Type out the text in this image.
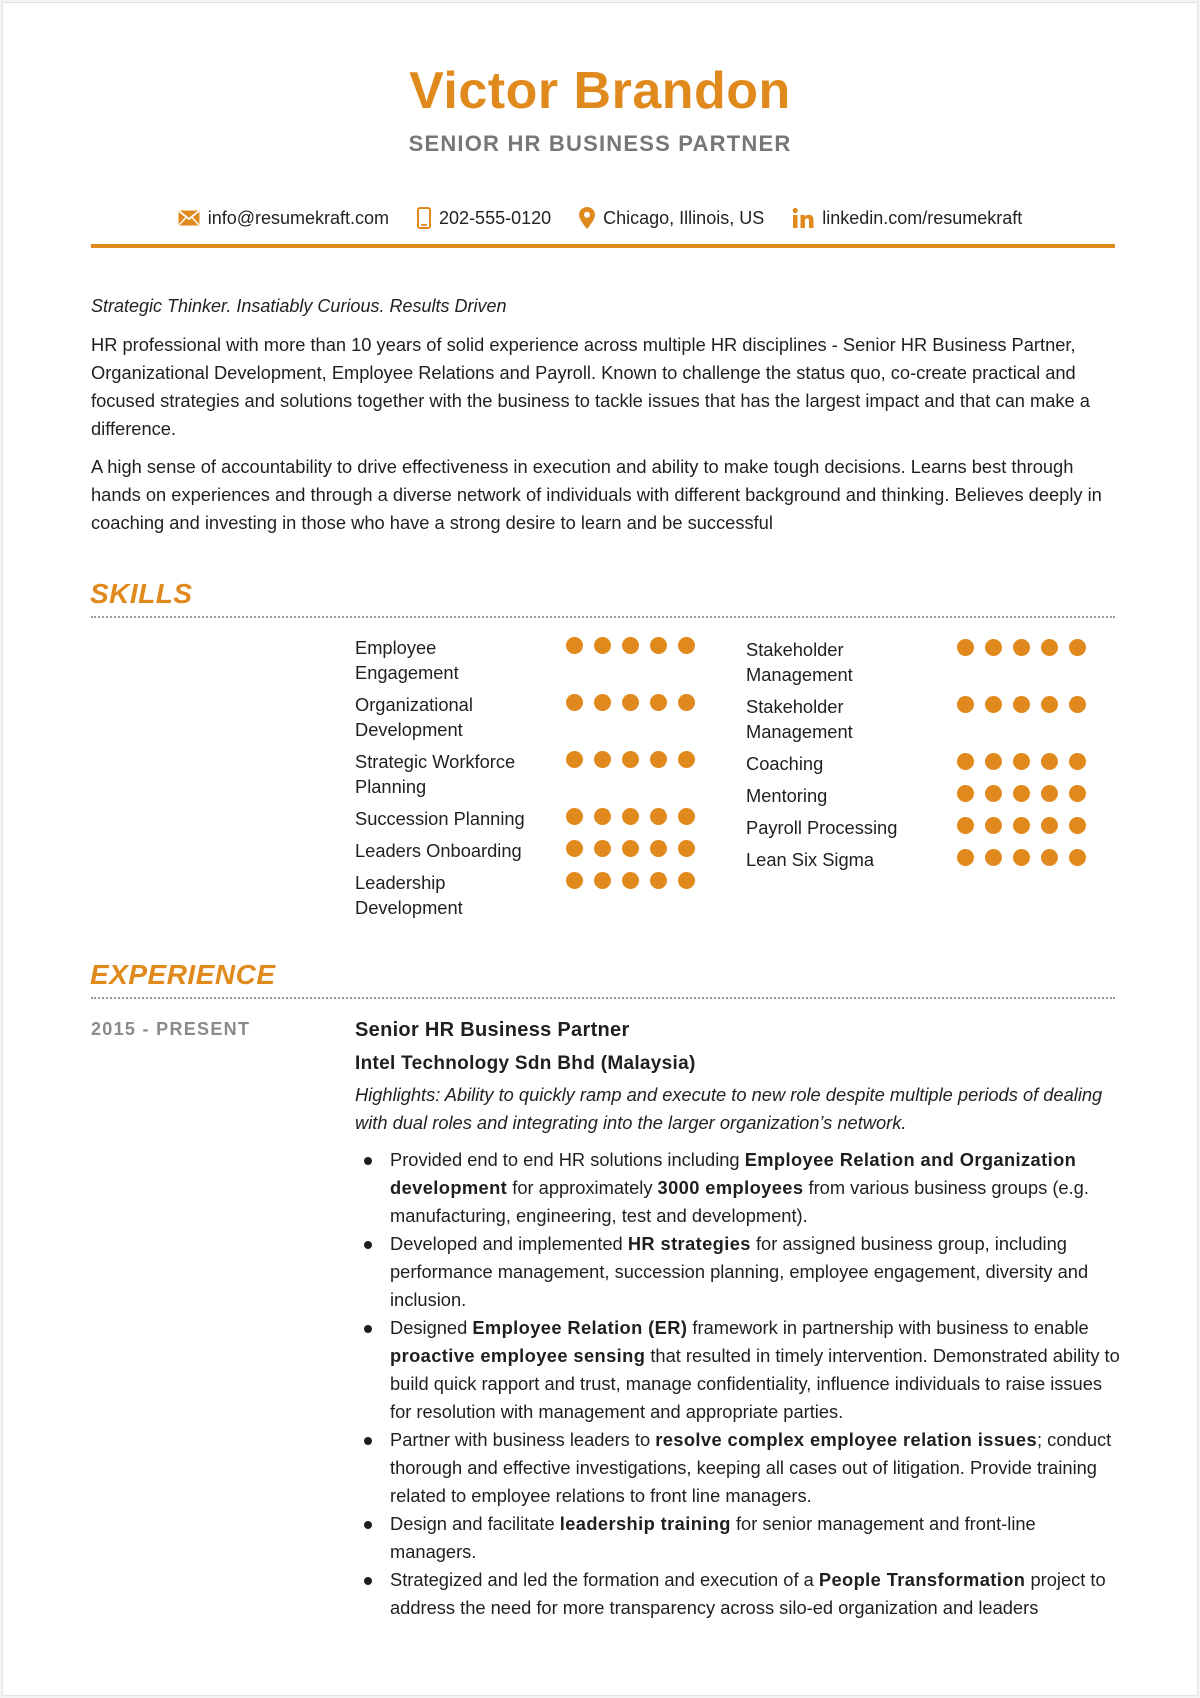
Victor Brandon
SENIOR HR BUSINESS PARTNER
info@resumekraft.com	202-555-0120	Chicago, Illinois, US	linkedin.com/resumekraft
Strategic Thinker. Insatiably Curious. Results Driven

HR professional with more than 10 years of solid experience across multiple HR disciplines - Senior HR Business Partner, Organizational Development, Employee Relations and Payroll. Known to challenge the status quo, co-create practical and focused strategies and solutions together with the business to tackle issues that has the largest impact and that can make a difference.

A high sense of accountability to drive effectiveness in execution and ability to make tough decisions. Learns best through hands on experiences and through a diverse network of individuals with different background and thinking. Believes deeply in coaching and investing in those who have a strong desire to learn and be successful

SKILLS
Employee Engagement
Organizational Development
Strategic Workforce Planning
Succession Planning
Leaders Onboarding
Leadership Development
Stakeholder Management
Stakeholder Management
Coaching
Mentoring
Payroll Processing
Lean Six Sigma
EXPERIENCE
2015 - PRESENT	Senior HR Business Partner
Intel Technology Sdn Bhd (Malaysia)
Highlights: Ability to quickly ramp and execute to new role despite multiple periods of dealing with dual roles and integrating into the larger organization’s network.
Provided end to end HR solutions including Employee Relation and Organization development for approximately 3000 employees from various business groups (e.g. manufacturing, engineering, test and development).
Developed and implemented HR strategies for assigned business group, including performance management, succession planning, employee engagement, diversity and inclusion.
Designed Employee Relation (ER) framework in partnership with business to enable proactive employee sensing that resulted in timely intervention. Demonstrated ability to build quick rapport and trust, manage confidentiality, influence individuals to raise issues for resolution with management and appropriate parties.
Partner with business leaders to resolve complex employee relation issues; conduct thorough and effective investigations, keeping all cases out of litigation. Provide training related to employee relations to front line managers.
Design and facilitate leadership training for senior management and front-line managers.
Strategized and led the formation and execution of a People Transformation project to address the need for more transparency across silo-ed organization and leaders
